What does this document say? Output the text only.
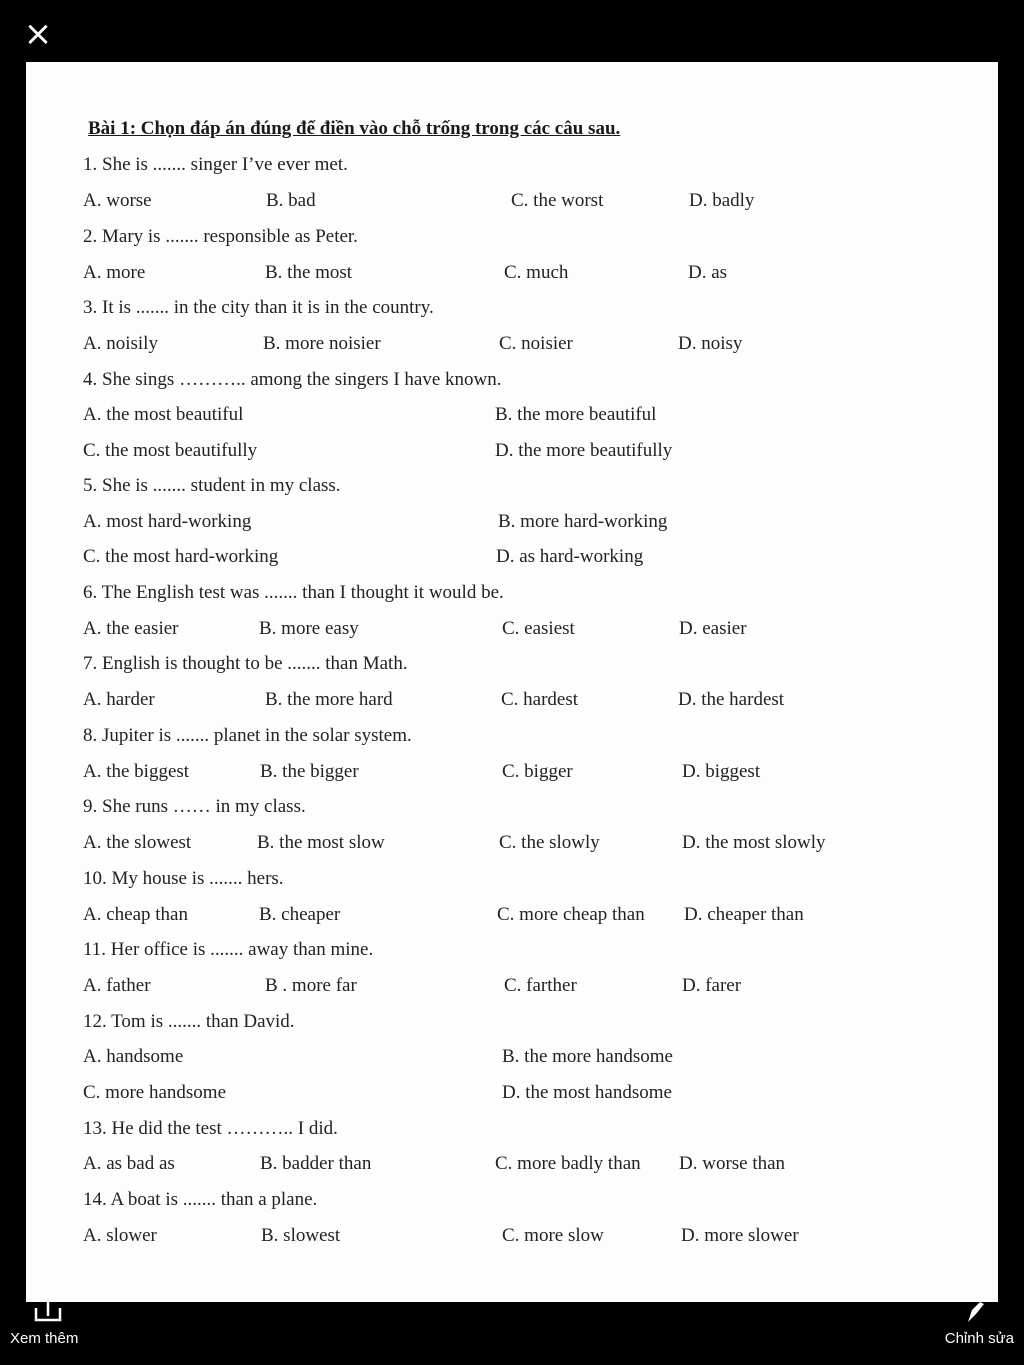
×
Bài 1: Chọn đáp án đúng để điền vào chỗ trống trong các câu sau.
1. She is ....... singer I’ve ever met.
A. worse	B. bad	C. the worst	D. badly
2. Mary is ....... responsible as Peter.
A. more	B. the most	C. much	D. as
3. It is ....... in the city than it is in the country.
A. noisily	B. more noisier	C. noisier	D. noisy
4. She sings ……….. among the singers I have known.
A. the most beautiful	B. the more beautiful
C. the most beautifully	D. the more beautifully
5. She is ....... student in my class.
A. most hard-working	B. more hard-working
C. the most hard-working	D. as hard-working
6. The English test was ....... than I thought it would be.
A. the easier	B. more easy	C. easiest	D. easier
7. English is thought to be ....... than Math.
A. harder	B. the more hard	C. hardest	D. the hardest
8. Jupiter is ....... planet in the solar system.
A. the biggest	B. the bigger	C. bigger	D. biggest
9. She runs …… in my class.
A. the slowest	B. the most slow	C. the slowly	D. the most slowly
10. My house is ....... hers.
A. cheap than	B. cheaper	C. more cheap than D. cheaper than
11. Her office is ....... away than mine.
A. father	B . more far	C. farther	D. farer
12. Tom is ....... than David.
A. handsome	B. the more handsome
C. more handsome	D. the most handsome
13. He did the test ……….. I did.
A. as bad as	B. badder than	C. more badly than D. worse than
14. A boat is ....... than a plane.
A. slower	B. slowest	C. more slow	D. more slower
Xem thêm	Chỉnh sửa
